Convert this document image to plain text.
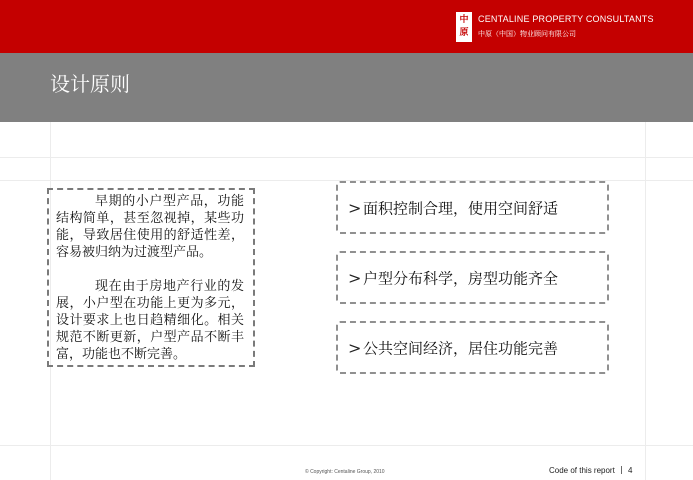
中
原
CENTALINE PROPERTY CONSULTANTS
中原（中国）物业顾问有限公司
设计原则

早期的小户型产品，功能结构简单，甚至忽视掉，某些功能，导致居住使用的舒适性差，容易被归纳为过渡型产品。

现在由于房地产行业的发展，小户型在功能上更为多元，设计要求上也日趋精细化。相关规范不断更新，户型产品不断丰富，功能也不断完善。

> 面积控制合理，使用空间舒适
> 户型分布科学，房型功能齐全
> 公共空间经济，居住功能完善
© Copyright: Centaline Group, 2010	Code of this report | 4
